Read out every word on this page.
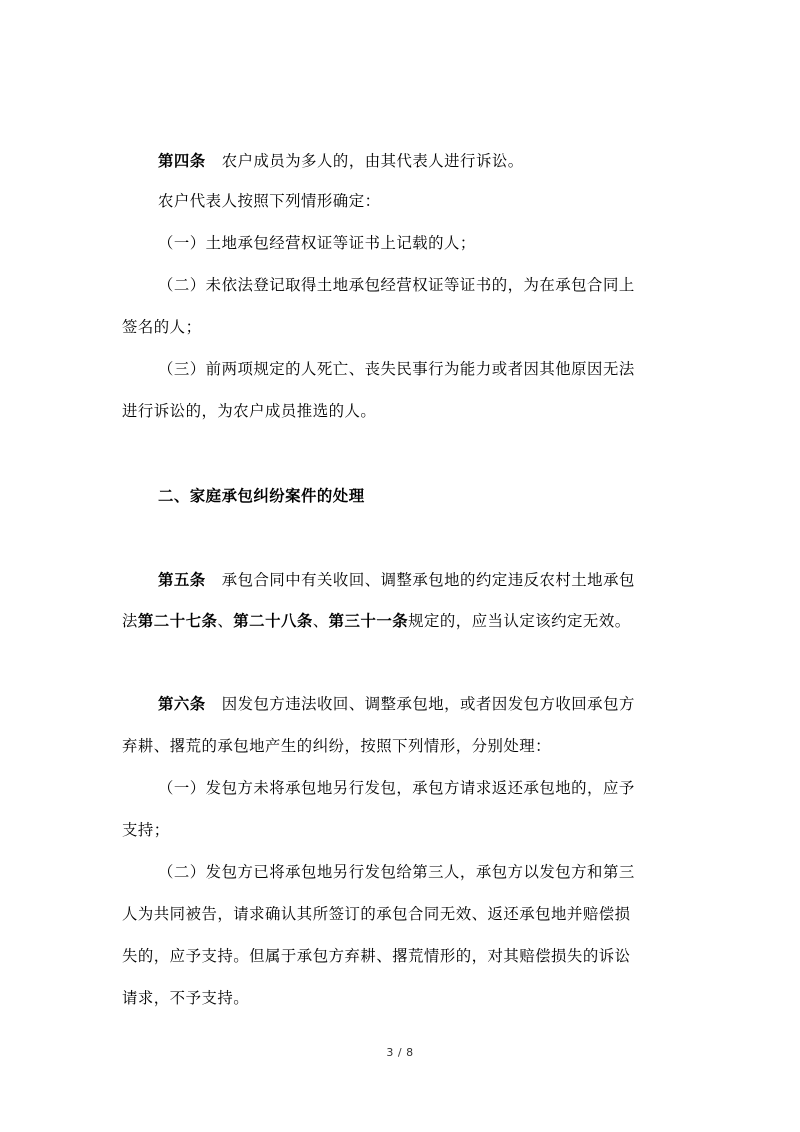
第四条 农户成员为多人的，由其代表人进行诉讼。
农户代表人按照下列情形确定：
（一）土地承包经营权证等证书上记载的人；
（二）未依法登记取得土地承包经营权证等证书的，为在承包合同上
签名的人；
（三）前两项规定的人死亡、丧失民事行为能力或者因其他原因无法
进行诉讼的，为农户成员推选的人。
二、家庭承包纠纷案件的处理
第五条 承包合同中有关收回、调整承包地的约定违反农村土地承包
法第二十七条、第二十八条、第三十一条规定的，应当认定该约定无效。
第六条 因发包方违法收回、调整承包地，或者因发包方收回承包方
弃耕、撂荒的承包地产生的纠纷，按照下列情形，分别处理：
（一）发包方未将承包地另行发包，承包方请求返还承包地的，应予
支持；
（二）发包方已将承包地另行发包给第三人，承包方以发包方和第三
人为共同被告，请求确认其所签订的承包合同无效、返还承包地并赔偿损
失的，应予支持。但属于承包方弃耕、撂荒情形的，对其赔偿损失的诉讼
请求，不予支持。
3 / 8
